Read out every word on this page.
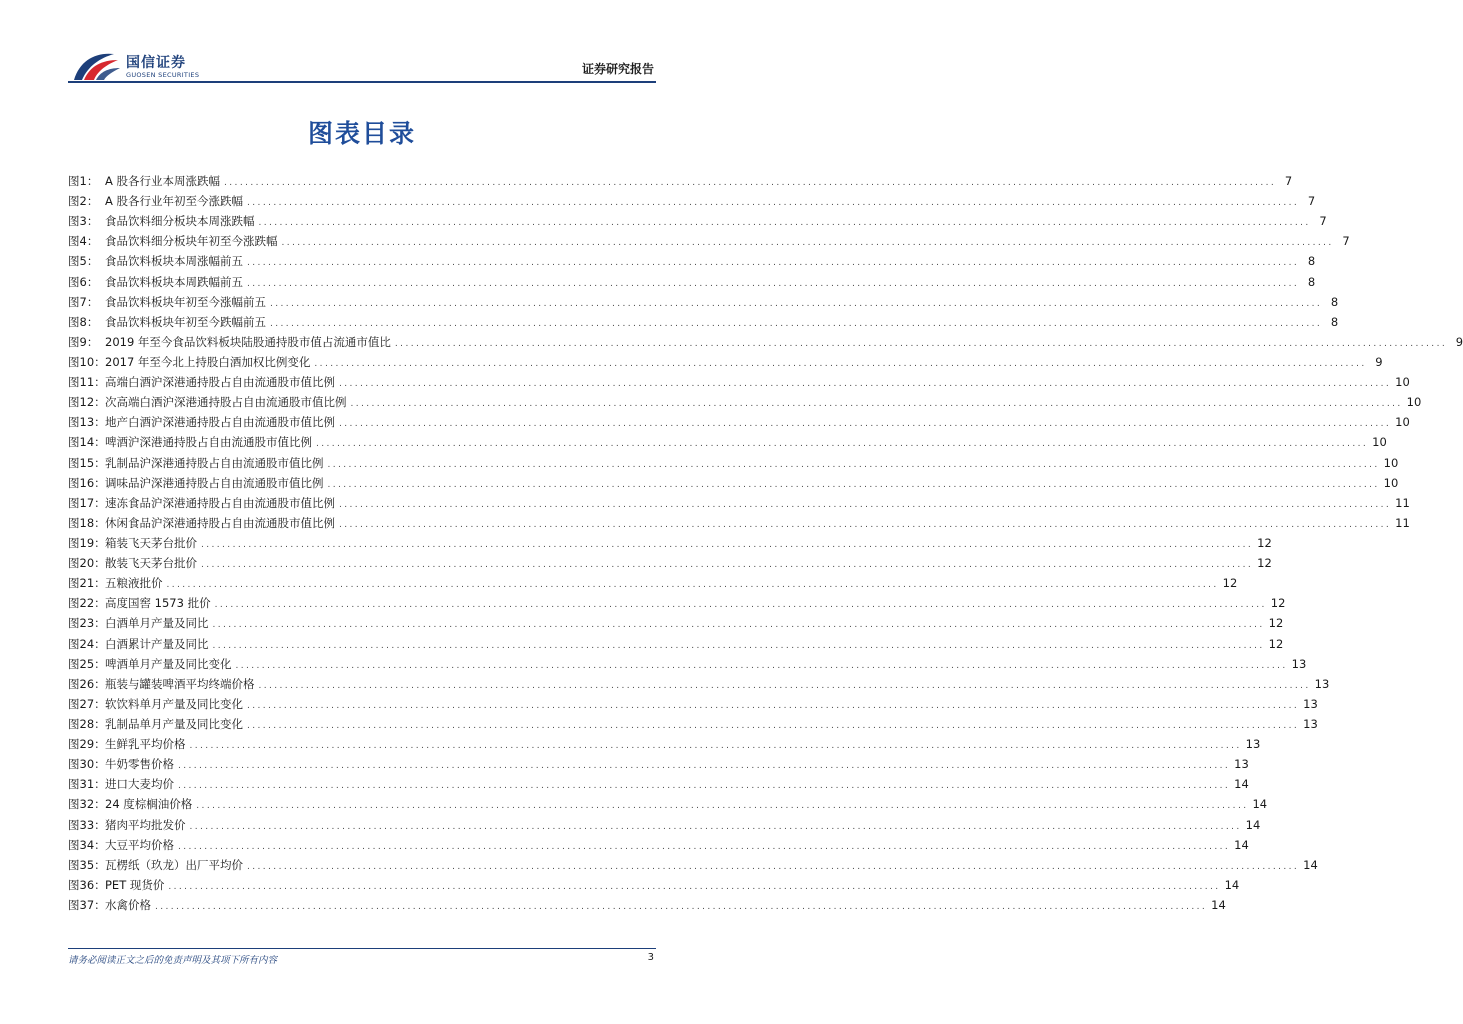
国信证券
GUOSEN SECURITIES	证券研究报告
图表目录
图1： A 股各行业本周涨跌幅 ........................................................................................................................................................................................................ 7
图2： A 股各行业年初至今涨跌幅 ........................................................................................................................................................................................................ 7
图3： 食品饮料细分板块本周涨跌幅 ........................................................................................................................................................................................................ 7
图4： 食品饮料细分板块年初至今涨跌幅 ........................................................................................................................................................................................................ 7
图5： 食品饮料板块本周涨幅前五 ........................................................................................................................................................................................................ 8
图6： 食品饮料板块本周跌幅前五 ........................................................................................................................................................................................................ 8
图7： 食品饮料板块年初至今涨幅前五 ........................................................................................................................................................................................................ 8
图8： 食品饮料板块年初至今跌幅前五 ........................................................................................................................................................................................................ 8
图9： 2019 年至今食品饮料板块陆股通持股市值占流通市值比 ........................................................................................................................................................................................................ 9
图10： 2017 年至今北上持股白酒加权比例变化 ........................................................................................................................................................................................................ 9
图11： 高端白酒沪深港通持股占自由流通股市值比例 ........................................................................................................................................................................................................ 10
图12： 次高端白酒沪深港通持股占自由流通股市值比例 ........................................................................................................................................................................................................ 10
图13： 地产白酒沪深港通持股占自由流通股市值比例 ........................................................................................................................................................................................................ 10
图14： 啤酒沪深港通持股占自由流通股市值比例 ........................................................................................................................................................................................................ 10
图15： 乳制品沪深港通持股占自由流通股市值比例 ........................................................................................................................................................................................................ 10
图16： 调味品沪深港通持股占自由流通股市值比例 ........................................................................................................................................................................................................ 10
图17： 速冻食品沪深港通持股占自由流通股市值比例 ........................................................................................................................................................................................................ 11
图18： 休闲食品沪深港通持股占自由流通股市值比例 ........................................................................................................................................................................................................ 11
图19： 箱装飞天茅台批价 ........................................................................................................................................................................................................ 12
图20： 散装飞天茅台批价 ........................................................................................................................................................................................................ 12
图21： 五粮液批价 ........................................................................................................................................................................................................ 12
图22： 高度国窖 1573 批价 ........................................................................................................................................................................................................ 12
图23： 白酒单月产量及同比 ........................................................................................................................................................................................................ 12
图24： 白酒累计产量及同比 ........................................................................................................................................................................................................ 12
图25： 啤酒单月产量及同比变化 ........................................................................................................................................................................................................ 13
图26： 瓶装与罐装啤酒平均终端价格 ........................................................................................................................................................................................................ 13
图27： 软饮料单月产量及同比变化 ........................................................................................................................................................................................................ 13
图28： 乳制品单月产量及同比变化 ........................................................................................................................................................................................................ 13
图29： 生鲜乳平均价格 ........................................................................................................................................................................................................ 13
图30： 牛奶零售价格 ........................................................................................................................................................................................................ 13
图31： 进口大麦均价 ........................................................................................................................................................................................................ 14
图32： 24 度棕榈油价格 ........................................................................................................................................................................................................ 14
图33： 猪肉平均批发价 ........................................................................................................................................................................................................ 14
图34： 大豆平均价格 ........................................................................................................................................................................................................ 14
图35： 瓦楞纸（玖龙）出厂平均价 ........................................................................................................................................................................................................ 14
图36： PET 现货价 ........................................................................................................................................................................................................ 14
图37： 水禽价格 ........................................................................................................................................................................................................ 14
请务必阅读正文之后的免责声明及其项下所有内容	3
